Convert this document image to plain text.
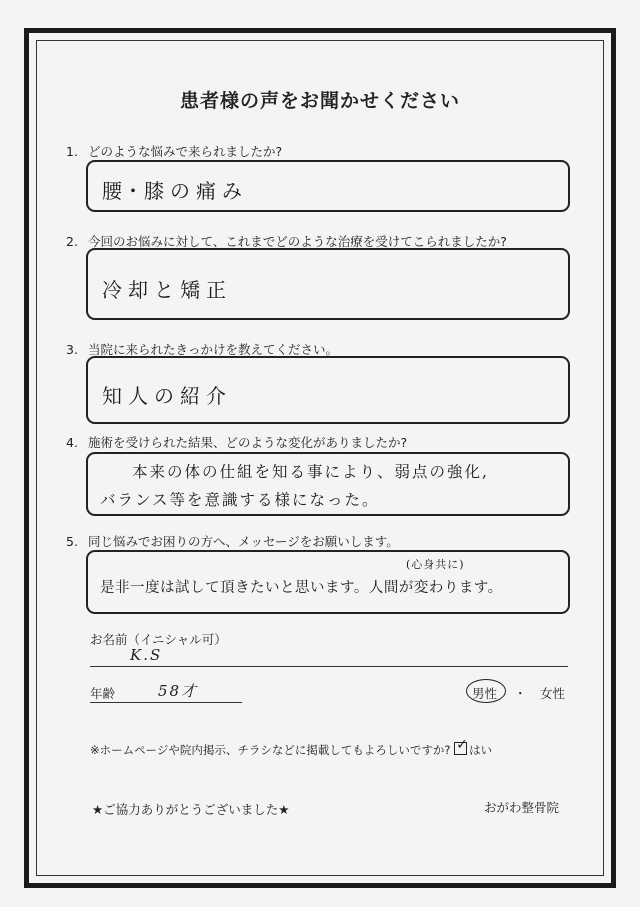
患者様の声をお聞かせください
1. どのような悩みで来られましたか?
腰･膝の痛み
2. 今回のお悩みに対して、これまでどのような治療を受けてこられましたか?
冷却と矯正
3. 当院に来られたきっかけを教えてください。
知人の紹介
4. 施術を受けられた結果、どのような変化がありましたか?
本来の体の仕組を知る事により、弱点の強化,
バランス等を意識する様になった。
5. 同じ悩みでお困りの方へ、メッセージをお願いします。
(心身共に)
是非一度は試して頂きたいと思います。人間が変わります。
お名前（イニシャル可）
K.S
年齢	58才	男性 ・ 女性
※ホームページや院内掲示、チラシなどに掲載してもよろしいですか? ✓ はい
★ご協力ありがとうございました★	おがわ整骨院
